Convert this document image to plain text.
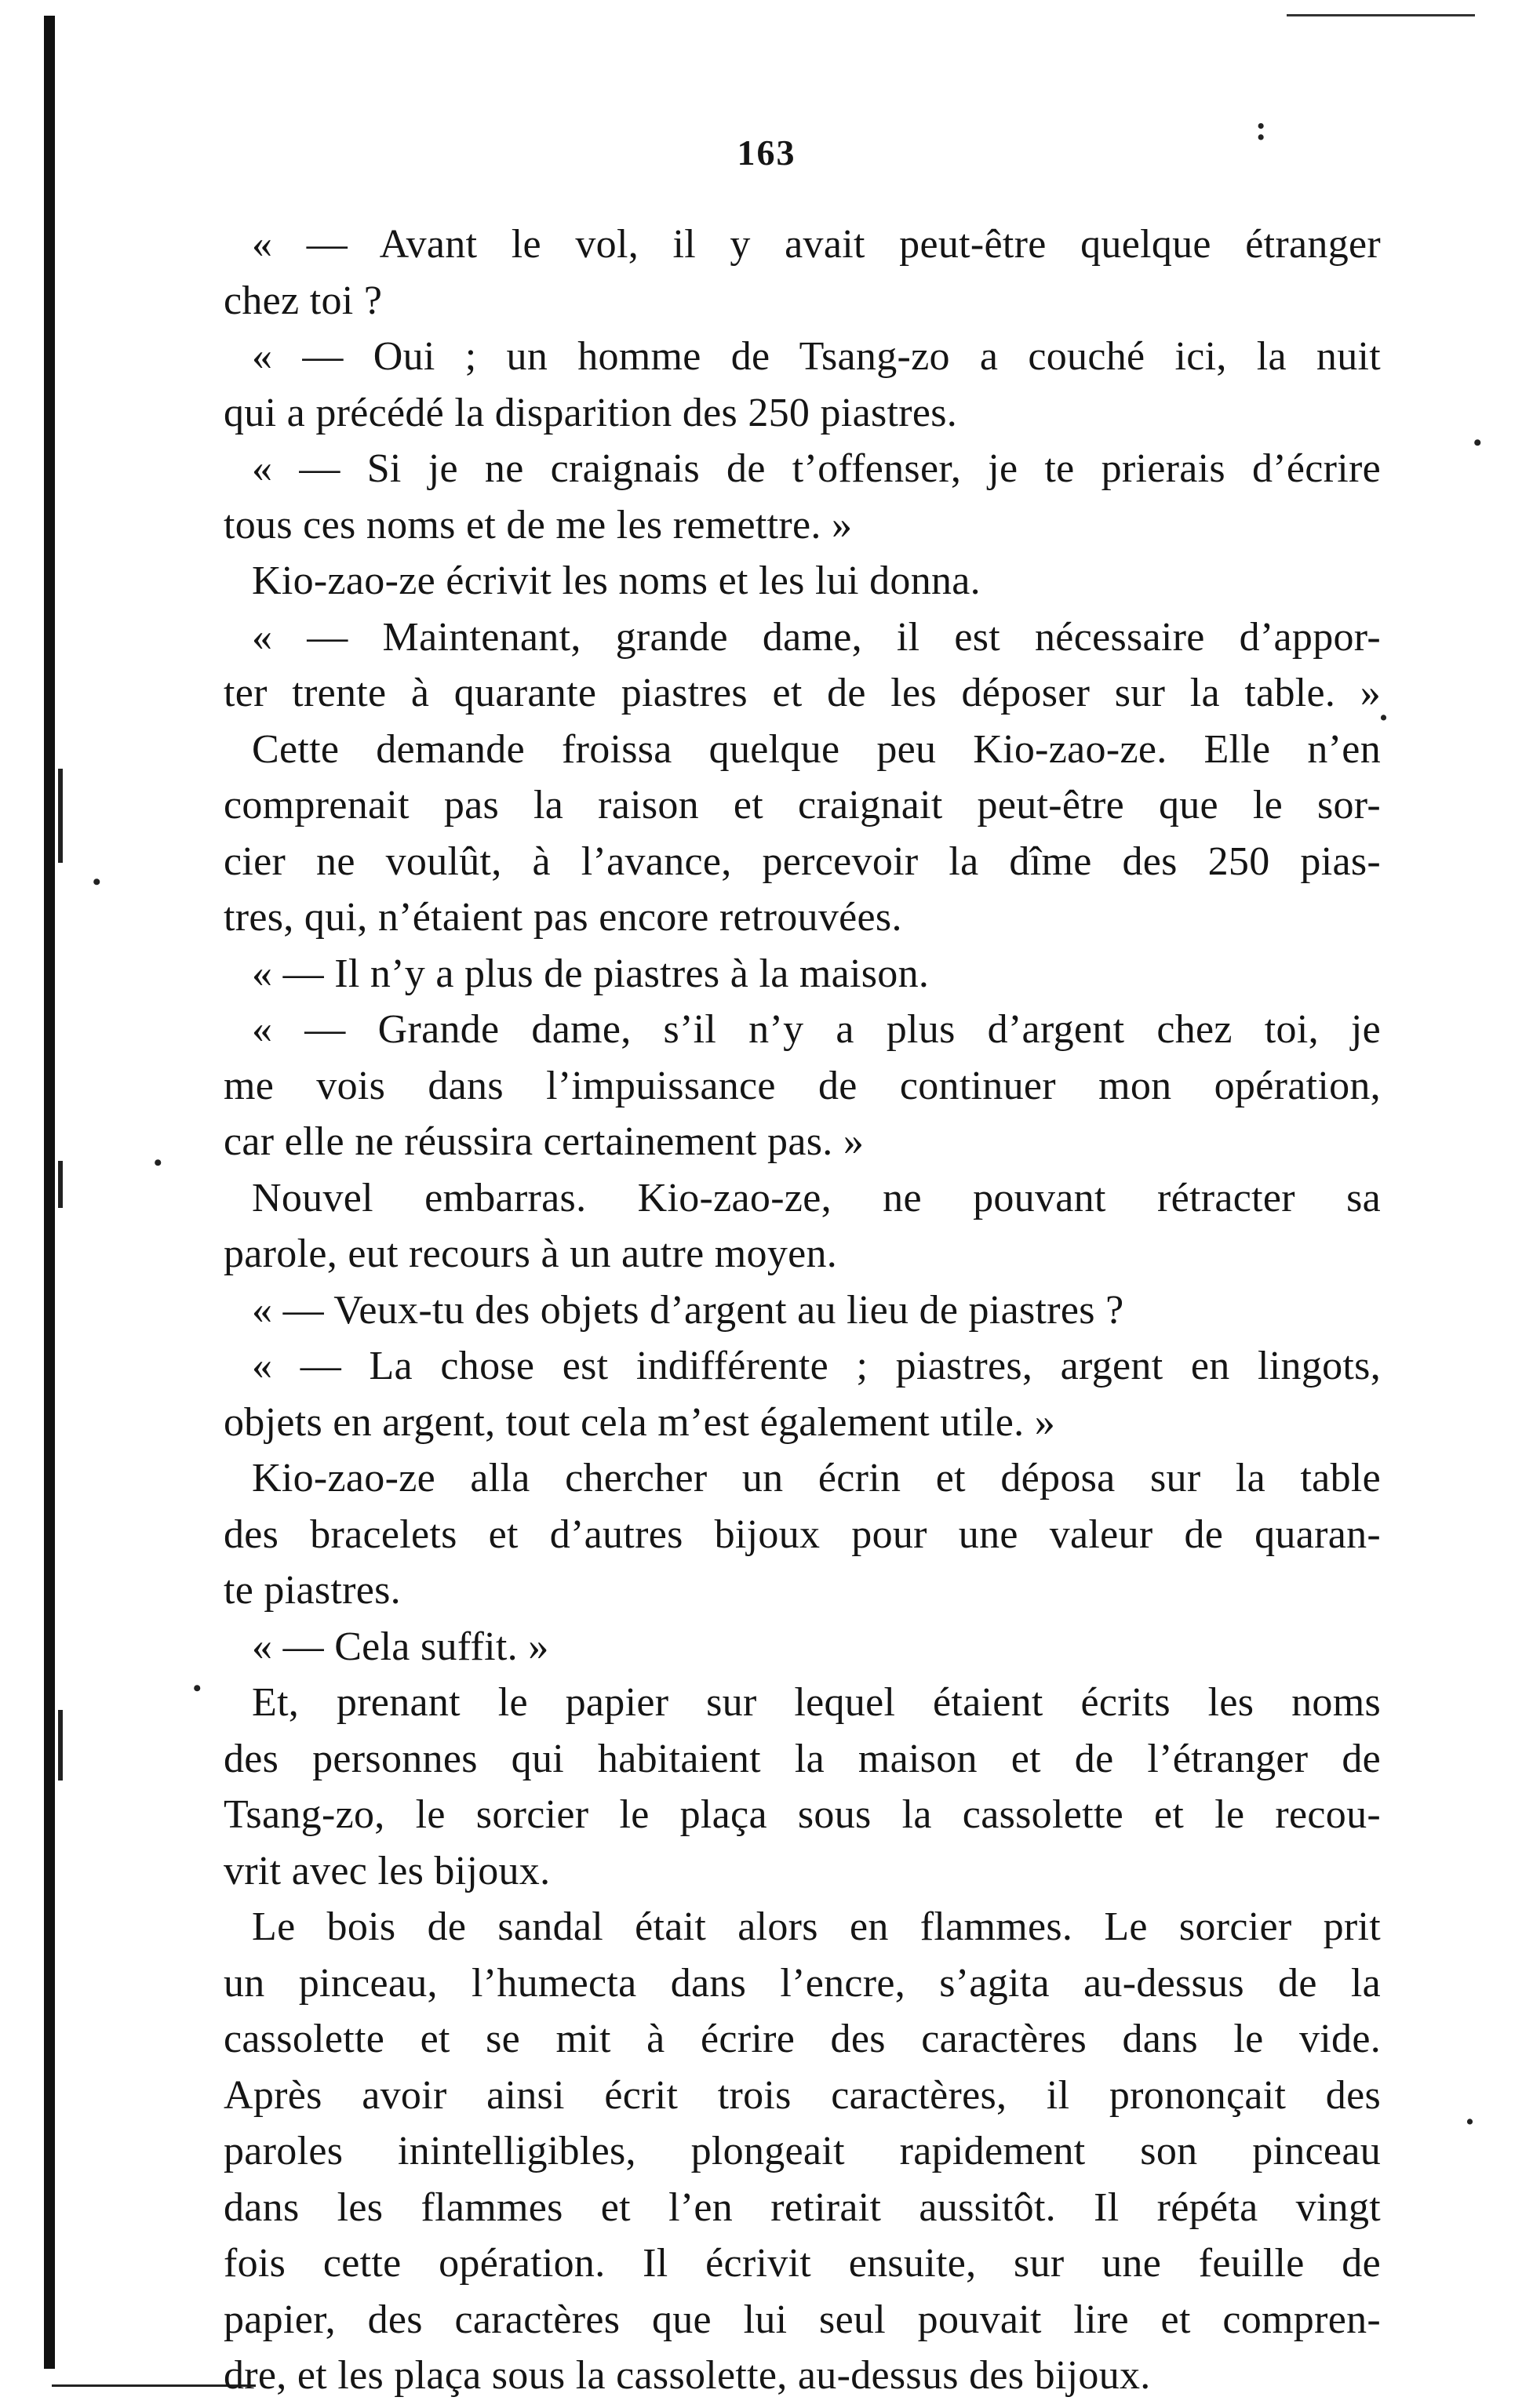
163
:
•
.
•
•
•
.
« — Avant le vol, il y avait peut-être quelque étranger
chez toi ?
« — Oui ; un homme de Tsang-zo a couché ici, la nuit
qui a précédé la disparition des 250 piastres.
« — Si je ne craignais de t’offenser, je te prierais d’écrire
tous ces noms et de me les remettre. »
Kio-zao-ze écrivit les noms et les lui donna.
« — Maintenant, grande dame, il est nécessaire d’appor-
ter trente à quarante piastres et de les déposer sur la table. »
Cette demande froissa quelque peu Kio-zao-ze. Elle n’en
comprenait pas la raison et craignait peut-être que le sor-
cier ne voulût, à l’avance, percevoir la dîme des 250 pias-
tres, qui, n’étaient pas encore retrouvées.
« — Il n’y a plus de piastres à la maison.
« — Grande dame, s’il n’y a plus d’argent chez toi, je
me vois dans l’impuissance de continuer mon opération,
car elle ne réussira certainement pas. »
Nouvel embarras. Kio-zao-ze, ne pouvant rétracter sa
parole, eut recours à un autre moyen.
« — Veux-tu des objets d’argent au lieu de piastres ?
« — La chose est indifférente ; piastres, argent en lingots,
objets en argent, tout cela m’est également utile. »
Kio-zao-ze alla chercher un écrin et déposa sur la table
des bracelets et d’autres bijoux pour une valeur de quaran-
te piastres.
« — Cela suffit. »
Et, prenant le papier sur lequel étaient écrits les noms
des personnes qui habitaient la maison et de l’étranger de
Tsang-zo, le sorcier le plaça sous la cassolette et le recou-
vrit avec les bijoux.
Le bois de sandal était alors en flammes. Le sorcier prit
un pinceau, l’humecta dans l’encre, s’agita au-dessus de la
cassolette et se mit à écrire des caractères dans le vide.
Après avoir ainsi écrit trois caractères, il prononçait des
paroles inintelligibles, plongeait rapidement son pinceau
dans les flammes et l’en retirait aussitôt. Il répéta vingt
fois cette opération. Il écrivit ensuite, sur une feuille de
papier, des caractères que lui seul pouvait lire et compren-
dre, et les plaça sous la cassolette, au-dessus des bijoux.
